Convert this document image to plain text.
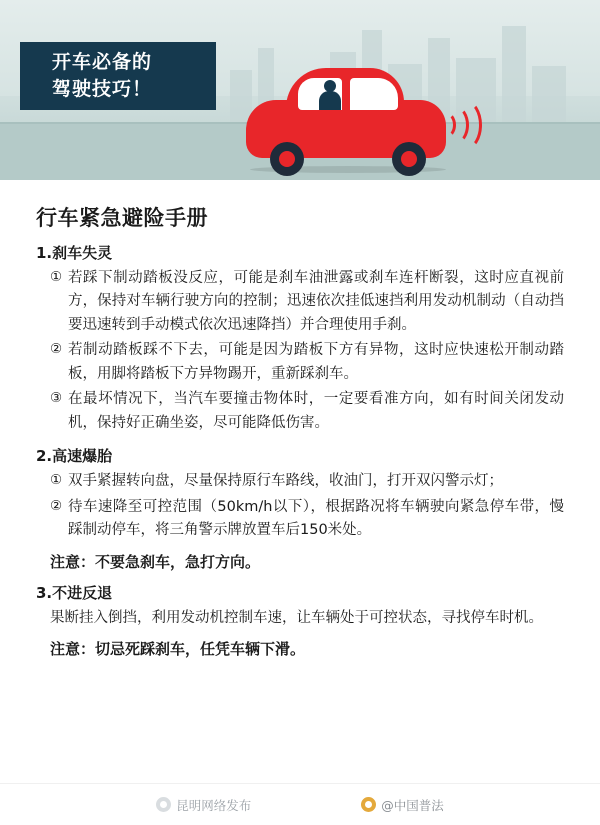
开车必备的
驾驶技巧！
行车紧急避险手册
1.刹车失灵
① 若踩下制动踏板没反应，可能是刹车油泄露或刹车连杆断裂，这时应直视前方，保持对车辆行驶方向的控制；迅速依次挂低速挡利用发动机制动（自动挡要迅速转到手动模式依次迅速降挡）并合理使用手刹。
② 若制动踏板踩不下去，可能是因为踏板下方有异物，这时应快速松开制动踏板，用脚将踏板下方异物踢开，重新踩刹车。
③ 在最坏情况下，当汽车要撞击物体时，一定要看准方向，如有时间关闭发动机，保持好正确坐姿，尽可能降低伤害。
2.高速爆胎
① 双手紧握转向盘，尽量保持原行车路线，收油门，打开双闪警示灯；
② 待车速降至可控范围（50km/h以下），根据路况将车辆驶向紧急停车带，慢踩制动停车，将三角警示牌放置车后150米处。
注意：不要急刹车，急打方向。
3.不进反退
果断挂入倒挡，利用发动机控制车速，让车辆处于可控状态，寻找停车时机。
注意：切忌死踩刹车，任凭车辆下滑。
昆明网络发布	@中国普法
